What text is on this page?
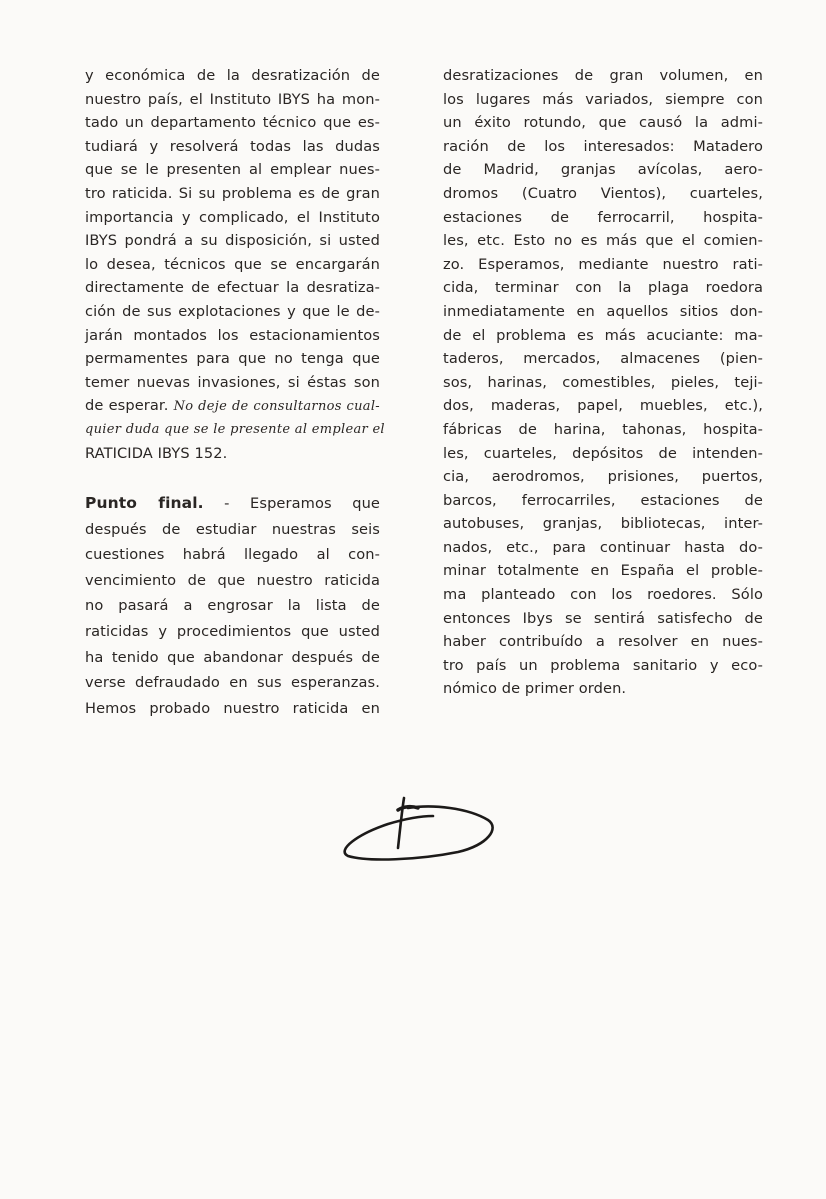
y económica de la desratización de
nuestro país, el Instituto IBYS ha mon-
tado un departamento técnico que es-
tudiará y resolverá todas las dudas
que se le presenten al emplear nues-
tro raticida. Si su problema es de gran
importancia y complicado, el Instituto
IBYS pondrá a su disposición, si usted
lo desea, técnicos que se encargarán
directamente de efectuar la desratiza-
ción de sus explotaciones y que le de-
jarán montados los estacionamientos
permamentes para que no tenga que
temer nuevas invasiones, si éstas son
de esperar. No deje de consultarnos cual-
quier duda que se le presente al emplear el
RATICIDA IBYS 152.
Punto final. - Esperamos que
después de estudiar nuestras seis
cuestiones habrá llegado al con-
vencimiento de que nuestro raticida
no pasará a engrosar la lista de
raticidas y procedimientos que usted
ha tenido que abandonar después de
verse defraudado en sus esperanzas.
Hemos probado nuestro raticida en
desratizaciones de gran volumen, en
los lugares más variados, siempre con
un éxito rotundo, que causó la admi-
ración de los interesados: Matadero
de Madrid, granjas avícolas, aero-
dromos (Cuatro Vientos), cuarteles,
estaciones de ferrocarril, hospita-
les, etc. Esto no es más que el comien-
zo. Esperamos, mediante nuestro rati-
cida, terminar con la plaga roedora
inmediatamente en aquellos sitios don-
de el problema es más acuciante: ma-
taderos, mercados, almacenes (pien-
sos, harinas, comestibles, pieles, teji-
dos, maderas, papel, muebles, etc.),
fábricas de harina, tahonas, hospita-
les, cuarteles, depósitos de intenden-
cia, aerodromos, prisiones, puertos,
barcos, ferrocarriles, estaciones de
autobuses, granjas, bibliotecas, inter-
nados, etc., para continuar hasta do-
minar totalmente en España el proble-
ma planteado con los roedores. Sólo
entonces Ibys se sentirá satisfecho de
haber contribuído a resolver en nues-
tro país un problema sanitario y eco-
nómico de primer orden.
